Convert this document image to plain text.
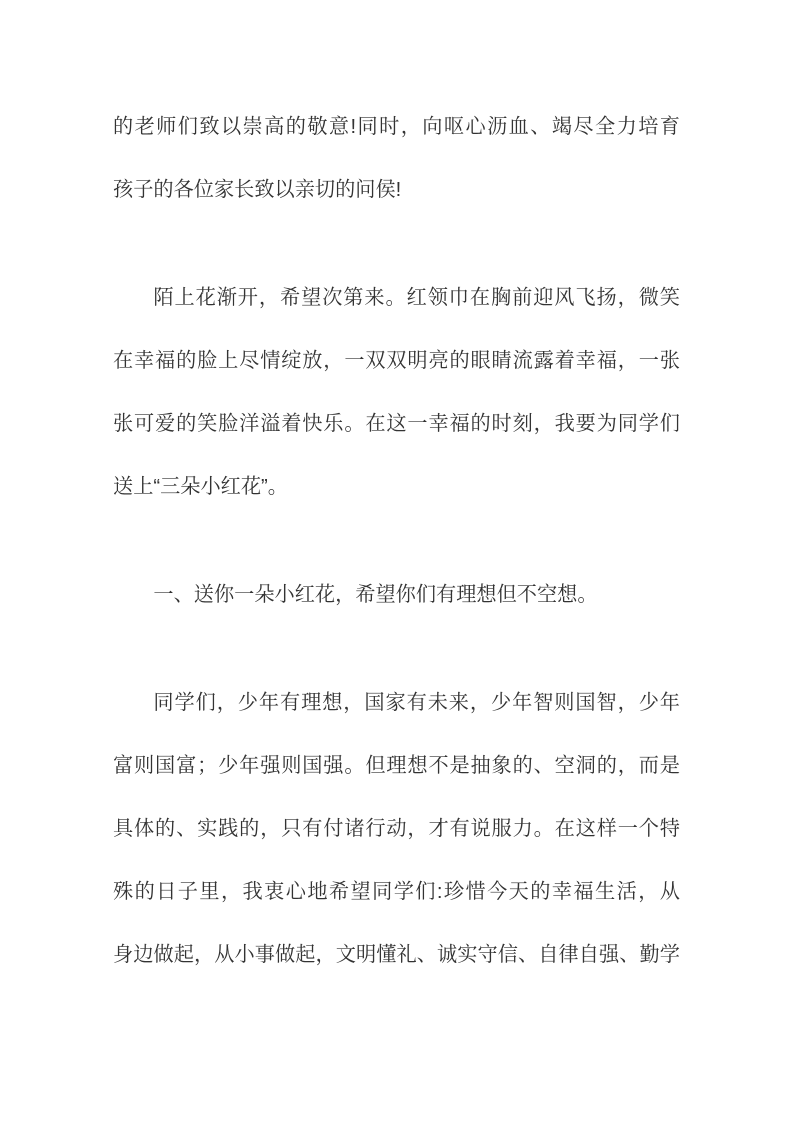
的老师们致以崇高的敬意!同时，向呕心沥血、竭尽全力培育
孩子的各位家长致以亲切的问侯!
陌上花渐开，希望次第来。红领巾在胸前迎风飞扬，微笑
在幸福的脸上尽情绽放，一双双明亮的眼睛流露着幸福，一张
张可爱的笑脸洋溢着快乐。在这一幸福的时刻，我要为同学们
送上“三朵小红花”。
一、送你一朵小红花，希望你们有理想但不空想。
同学们，少年有理想，国家有未来，少年智则国智，少年
富则国富；少年强则国强。但理想不是抽象的、空洞的，而是
具体的、实践的，只有付诸行动，才有说服力。在这样一个特
殊的日子里，我衷心地希望同学们:珍惜今天的幸福生活，从
身边做起，从小事做起，文明懂礼、诚实守信、自律自强、勤学
